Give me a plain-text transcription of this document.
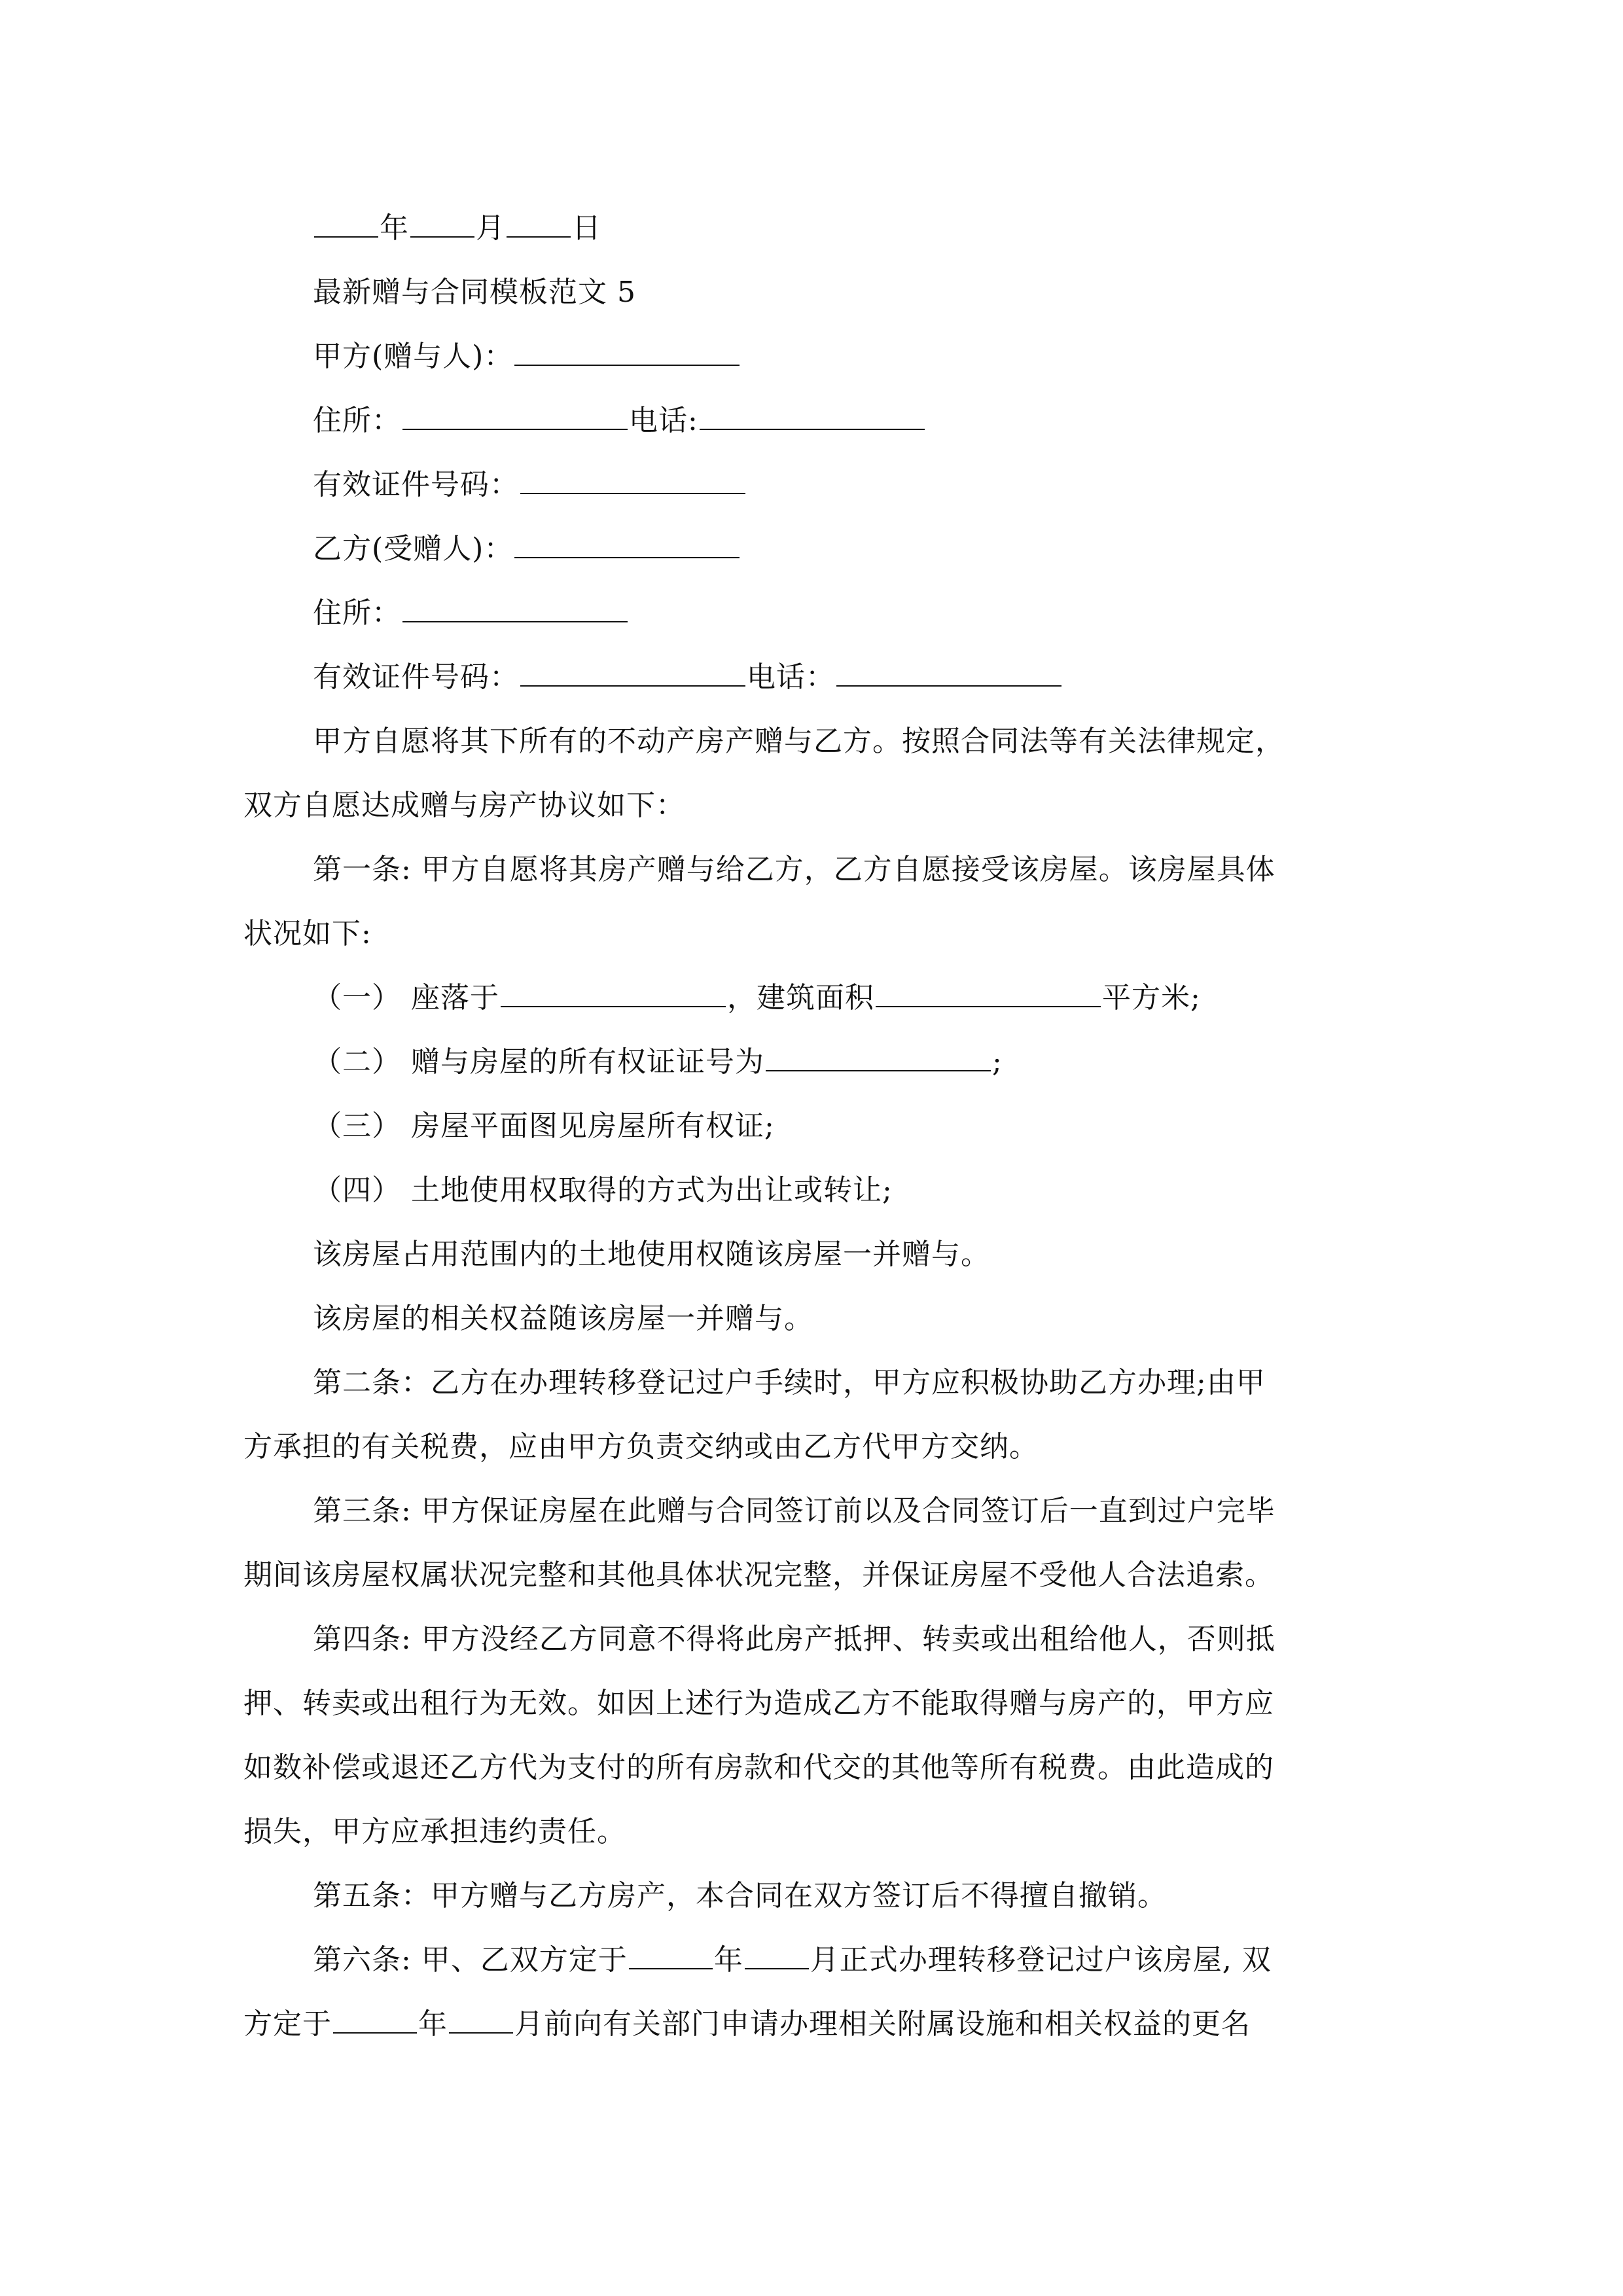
年 月 日
最新赠与合同模板范文 5
甲方(赠与人)：
住所：	电话:
有效证件号码：
乙方(受赠人)：
住所：
有效证件号码：	电话：
甲方自愿将其下所有的不动产房产赠与乙方。按照合同法等有关法律规定，
双方自愿达成赠与房产协议如下：
第一条: 甲方自愿将其房产赠与给乙方，乙方自愿接受该房屋。该房屋具体
状况如下:
（一） 座落于	，建筑面积	平方米;
（二） 赠与房屋的所有权证证号为	;
（三） 房屋平面图见房屋所有权证;
（四） 土地使用权取得的方式为出让或转让;
该房屋占用范围内的土地使用权随该房屋一并赠与。
该房屋的相关权益随该房屋一并赠与。
第二条：乙方在办理转移登记过户手续时，甲方应积极协助乙方办理;由甲
方承担的有关税费，应由甲方负责交纳或由乙方代甲方交纳。
第三条: 甲方保证房屋在此赠与合同签订前以及合同签订后一直到过户完毕
期间该房屋权属状况完整和其他具体状况完整，并保证房屋不受他人合法追索。
第四条: 甲方没经乙方同意不得将此房产抵押、转卖或出租给他人，否则抵
押、转卖或出租行为无效。如因上述行为造成乙方不能取得赠与房产的，甲方应
如数补偿或退还乙方代为支付的所有房款和代交的其他等所有税费。由此造成的
损失，甲方应承担违约责任。
第五条：甲方赠与乙方房产，本合同在双方签订后不得擅自撤销。
第六条: 甲、乙双方定于	年 月正式办理转移登记过户该房屋, 双
方定于	年 月前向有关部门申请办理相关附属设施和相关权益的更名
